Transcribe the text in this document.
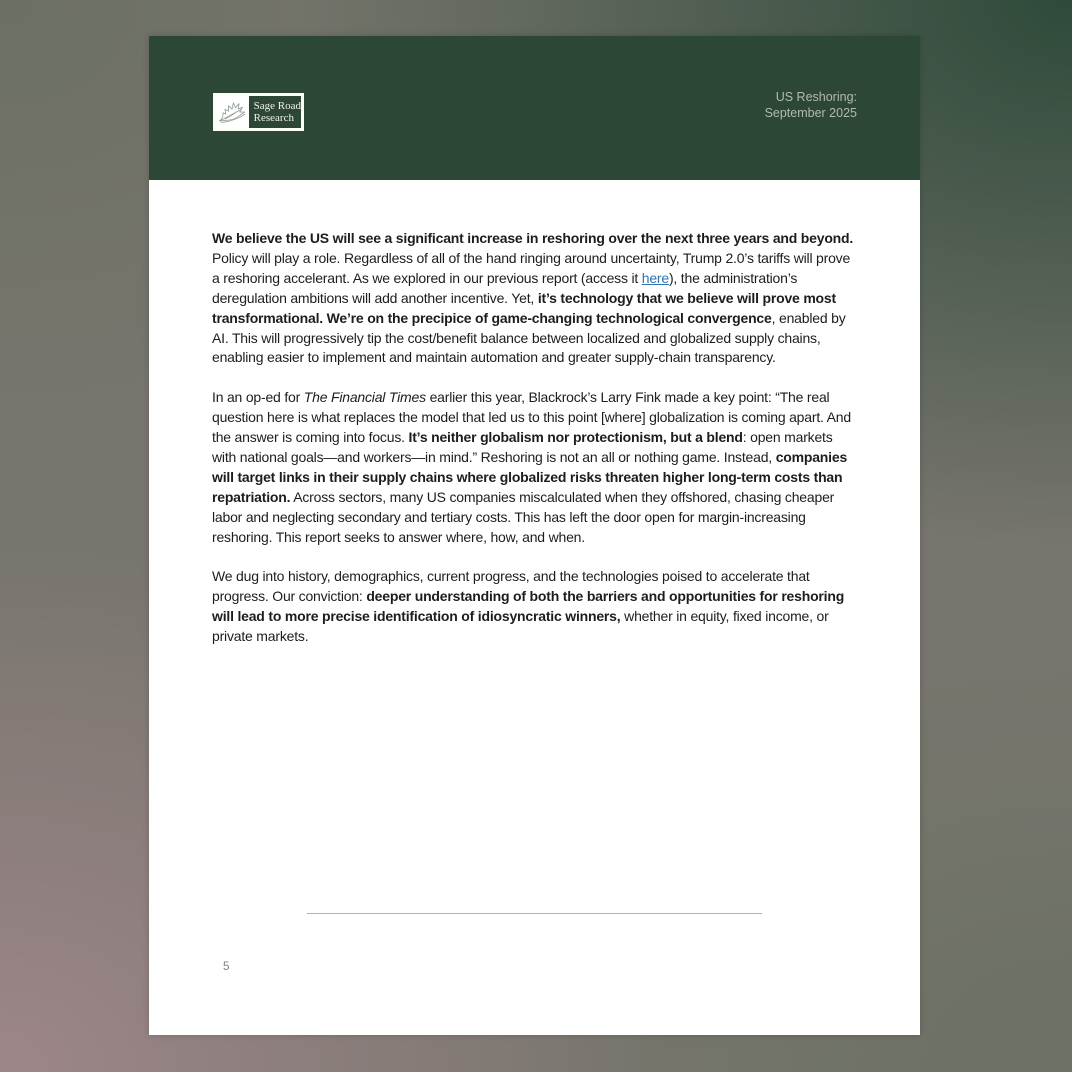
Sage Road
Research
US Reshoring:
September 2025

We believe the US will see a significant increase in reshoring over the next three years and beyond. Policy will play a role. Regardless of all of the hand ringing around uncertainty, Trump 2.0’s tariffs will prove a reshoring accelerant. As we explored in our previous report (access it here), the administration’s deregulation ambitions will add another incentive. Yet, it’s technology that we believe will prove most transformational. We’re on the precipice of game-changing technological convergence, enabled by AI. This will progressively tip the cost/benefit balance between localized and globalized supply chains, enabling easier to implement and maintain automation and greater supply-chain transparency.

In an op-ed for The Financial Times earlier this year, Blackrock’s Larry Fink made a key point: “The real question here is what replaces the model that led us to this point [where] globalization is coming apart. And the answer is coming into focus. It’s neither globalism nor protectionism, but a blend: open markets with national goals—and workers—in mind.” Reshoring is not an all or nothing game. Instead, companies will target links in their supply chains where globalized risks threaten higher long-term costs than repatriation. Across sectors, many US companies miscalculated when they offshored, chasing cheaper labor and neglecting secondary and tertiary costs. This has left the door open for margin-increasing reshoring. This report seeks to answer where, how, and when.

We dug into history, demographics, current progress, and the technologies poised to accelerate that progress. Our conviction: deeper understanding of both the barriers and opportunities for reshoring will lead to more precise identification of idiosyncratic winners, whether in equity, fixed income, or private markets.

5
